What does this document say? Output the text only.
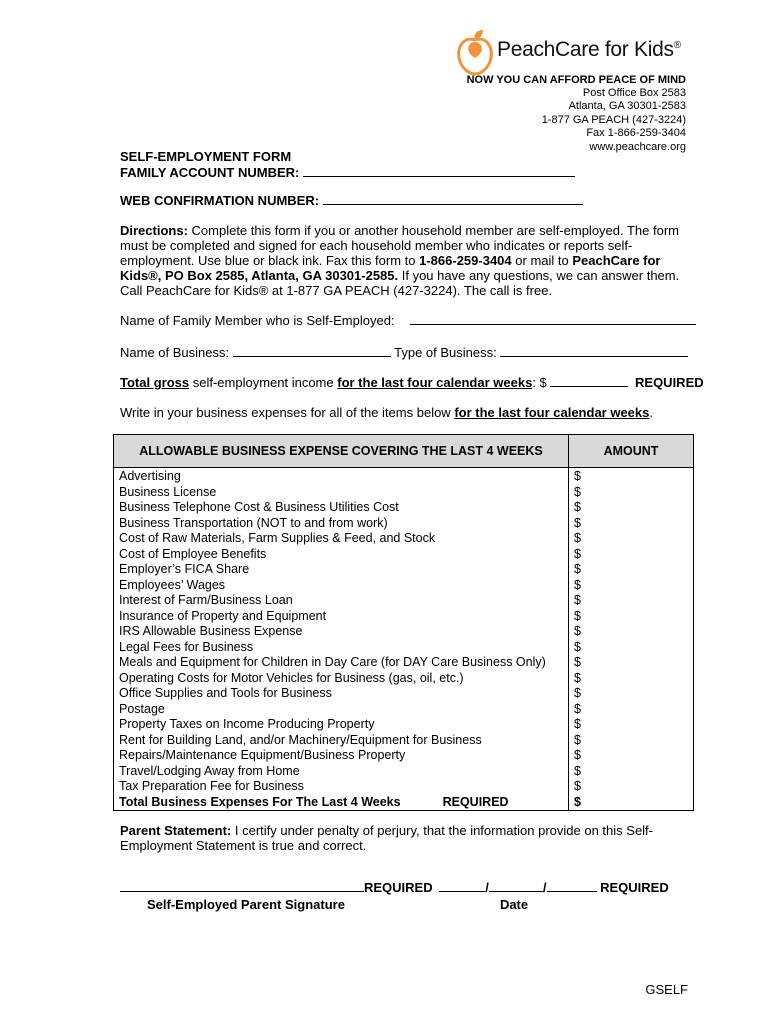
PeachCare for Kids®
NOW YOU CAN AFFORD PEACE OF MIND
Post Office Box 2583
Atlanta, GA 30301-2583
1-877 GA PEACH (427-3224)
Fax 1-866-259-3404
www.peachcare.org
SELF-EMPLOYMENT FORM
FAMILY ACCOUNT NUMBER:
WEB CONFIRMATION NUMBER:
Directions: Complete this form if you or another household member are self-employed. The form must be completed and signed for each household member who indicates or reports self-employment. Use blue or black ink. Fax this form to 1-866-259-3404 or mail to PeachCare for Kids®, PO Box 2585, Atlanta, GA 30301-2585. If you have any questions, we can answer them. Call PeachCare for Kids® at 1-877 GA PEACH (427-3224). The call is free.
Name of Family Member who is Self-Employed:
Name of Business:	Type of Business:
Total gross self-employment income for the last four calendar weeks: $	REQUIRED
Write in your business expenses for all of the items below for the last four calendar weeks.
ALLOWABLE BUSINESS EXPENSE COVERING THE LAST 4 WEEKS	AMOUNT
Advertising	$
Business License	$
Business Telephone Cost & Business Utilities Cost	$
Business Transportation (NOT to and from work)	$
Cost of Raw Materials, Farm Supplies & Feed, and Stock	$
Cost of Employee Benefits	$
Employer’s FICA Share	$
Employees’ Wages	$
Interest of Farm/Business Loan	$
Insurance of Property and Equipment	$
IRS Allowable Business Expense	$
Legal Fees for Business	$
Meals and Equipment for Children in Day Care (for DAY Care Business Only)	$
Operating Costs for Motor Vehicles for Business (gas, oil, etc.)	$
Office Supplies and Tools for Business	$
Postage	$
Property Taxes on Income Producing Property	$
Rent for Building Land, and/or Machinery/Equipment for Business	$
Repairs/Maintenance Equipment/Business Property	$
Travel/Lodging Away from Home	$
Tax Preparation Fee for Business	$
Total Business Expenses For The Last 4 Weeks REQUIRED	$
Parent Statement: I certify under penalty of perjury, that the information provide on this Self-Employment Statement is true and correct.
REQUIRED	/	/	REQUIRED
Self-Employed Parent Signature	Date
GSELF
